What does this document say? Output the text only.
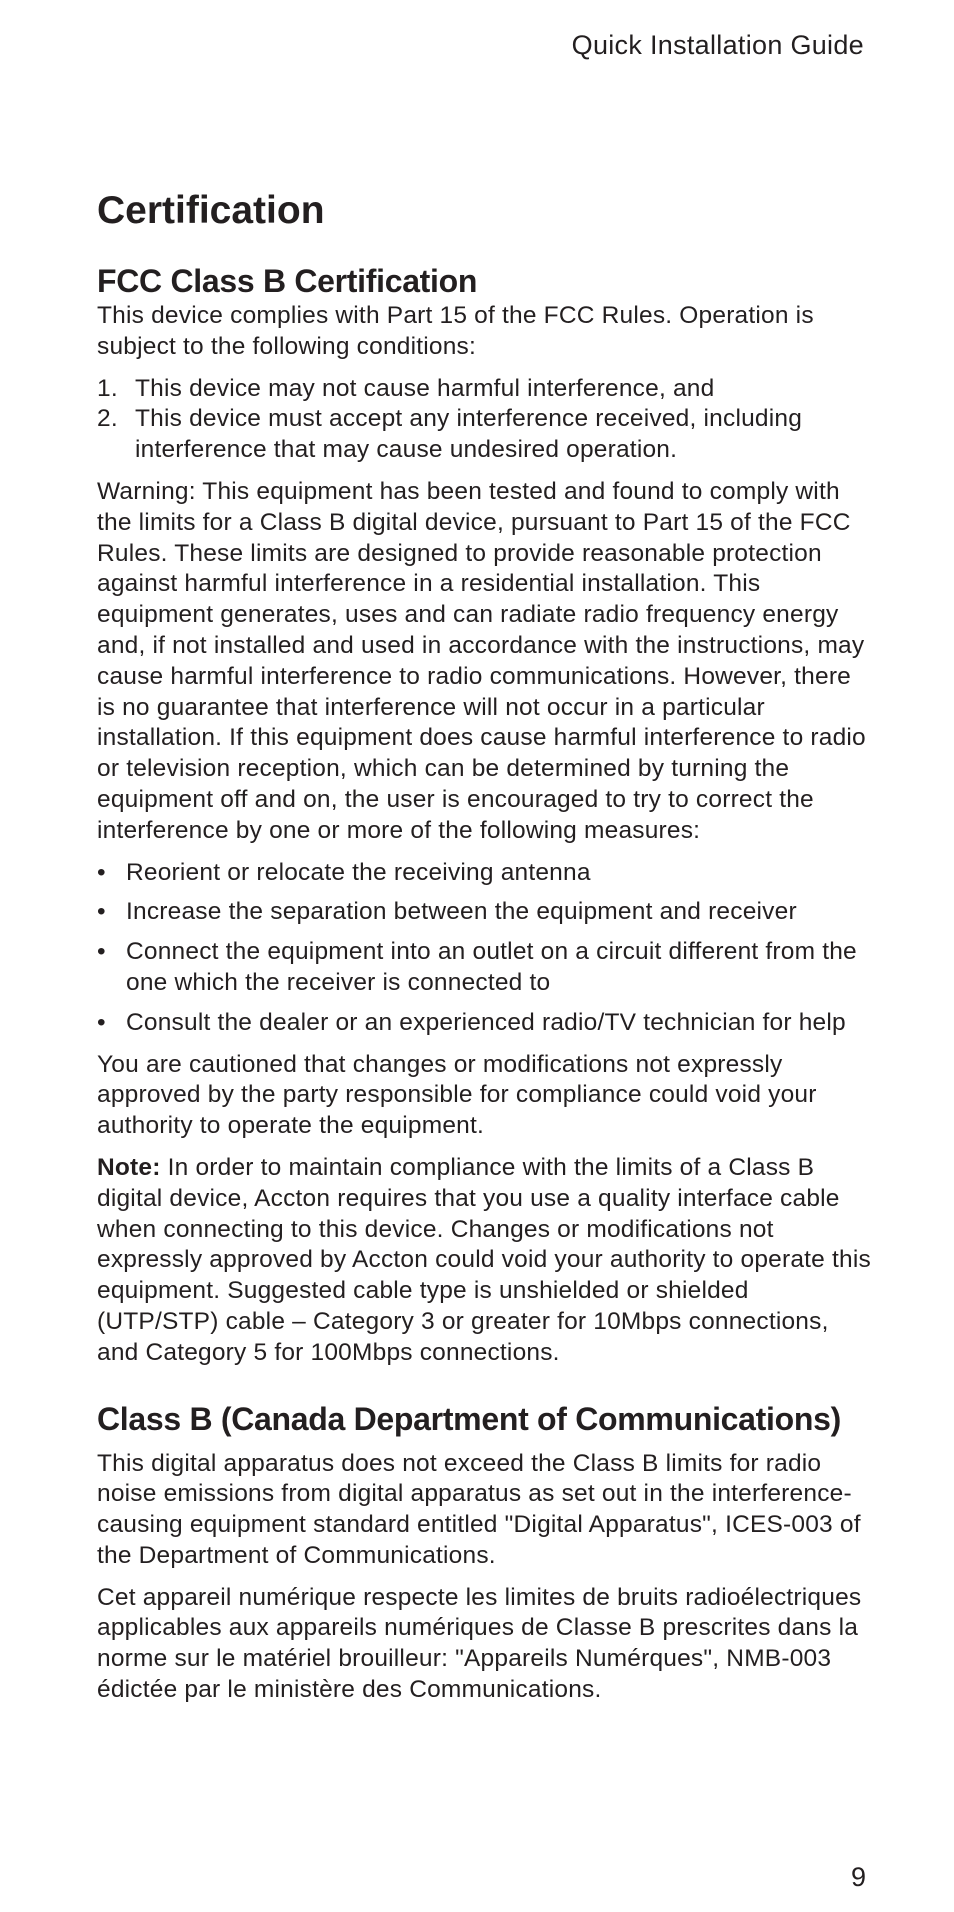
Quick Installation Guide
Certification
FCC Class B Certification

This device complies with Part 15 of the FCC Rules. Operation is subject to the following conditions:

1. This device may not cause harmful interference, and
2. This device must accept any interference received, including interference that may cause undesired operation.

Warning: This equipment has been tested and found to comply with the limits for a Class B digital device, pursuant to Part 15 of the FCC Rules. These limits are designed to provide reasonable protection against harmful interference in a residential installation. This equipment generates, uses and can radiate radio frequency energy and, if not installed and used in accordance with the instructions, may cause harmful interference to radio communications. However, there is no guarantee that interference will not occur in a particular installation. If this equipment does cause harmful interference to radio or television reception, which can be determined by turning the equipment off and on, the user is encouraged to try to correct the interference by one or more of the following measures:

• Reorient or relocate the receiving antenna
• Increase the separation between the equipment and receiver
• Connect the equipment into an outlet on a circuit different from the one which the receiver is connected to
• Consult the dealer or an experienced radio/TV technician for help

You are cautioned that changes or modifications not expressly approved by the party responsible for compliance could void your authority to operate the equipment.

Note: In order to maintain compliance with the limits of a Class B digital device, Accton requires that you use a quality interface cable when connecting to this device. Changes or modifications not expressly approved by Accton could void your authority to operate this equipment. Suggested cable type is unshielded or shielded (UTP/STP) cable – Category 3 or greater for 10Mbps connections, and Category 5 for 100Mbps connections.

Class B (Canada Department of Communications)

This digital apparatus does not exceed the Class B limits for radio noise emissions from digital apparatus as set out in the interference-causing equipment standard entitled "Digital Apparatus", ICES-003 of the Department of Communications.

Cet appareil numérique respecte les limites de bruits radioélectriques applicables aux appareils numériques de Classe B prescrites dans la norme sur le matériel brouilleur: "Appareils Numérques", NMB-003 édictée par le ministère des Communications.

9
